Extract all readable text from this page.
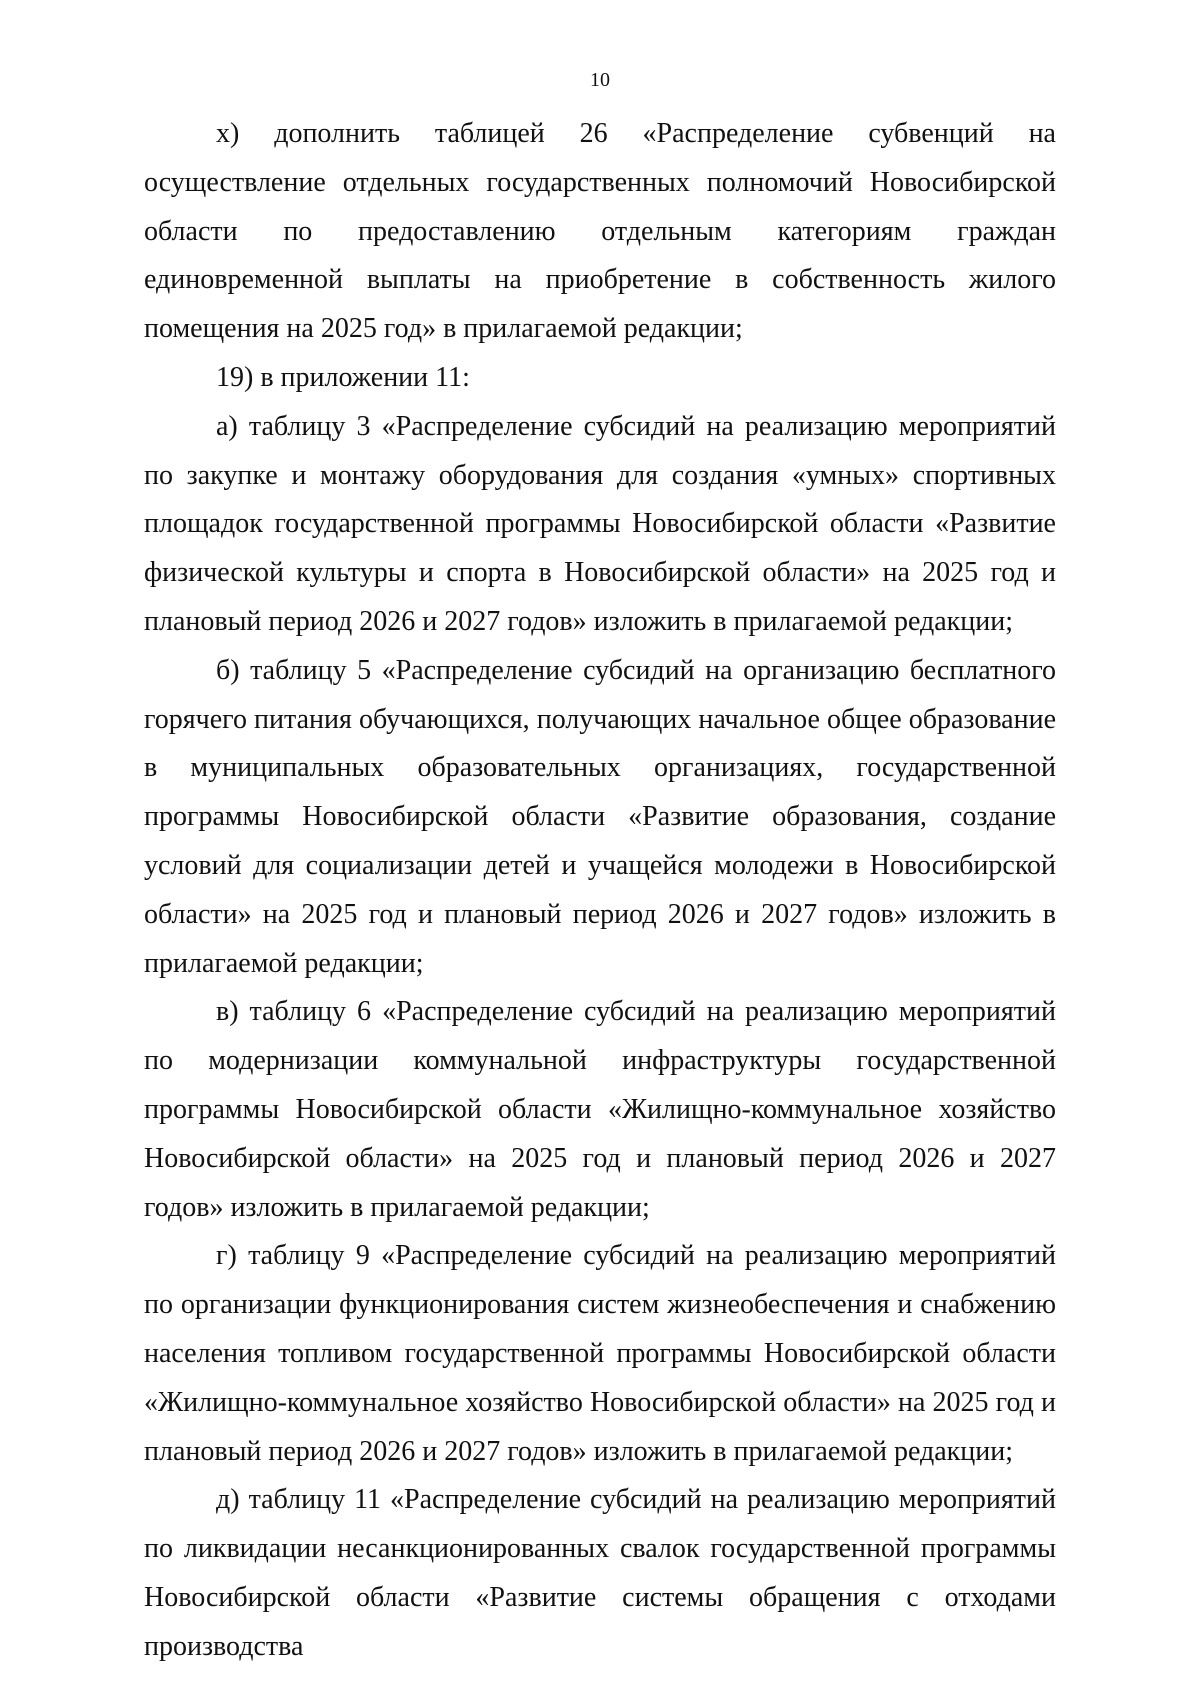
10

х) дополнить таблицей 26 «Распределение субвенций на осуществление отдельных государственных полномочий Новосибирской области по предоставлению отдельным категориям граждан единовременной выплаты на приобретение в собственность жилого помещения на 2025 год» в прилагаемой редакции;

19) в приложении 11:

а) таблицу 3 «Распределение субсидий на реализацию мероприятий по закупке и монтажу оборудования для создания «умных» спортивных площадок государственной программы Новосибирской области «Развитие физической культуры и спорта в Новосибирской области» на 2025 год и плановый период 2026 и 2027 годов» изложить в прилагаемой редакции;

б) таблицу 5 «Распределение субсидий на организацию бесплатного горячего питания обучающихся, получающих начальное общее образование в муниципальных образовательных организациях, государственной программы Новосибирской области «Развитие образования, создание условий для социализации детей и учащейся молодежи в Новосибирской области» на 2025 год и плановый период 2026 и 2027 годов» изложить в прилагаемой редакции;

в) таблицу 6 «Распределение субсидий на реализацию мероприятий по модернизации коммунальной инфраструктуры государственной программы Новосибирской области «Жилищно-коммунальное хозяйство Новосибирской области» на 2025 год и плановый период 2026 и 2027 годов» изложить в прилагаемой редакции;

г) таблицу 9 «Распределение субсидий на реализацию мероприятий по организации функционирования систем жизнеобеспечения и снабжению населения топливом государственной программы Новосибирской области «Жилищно-коммунальное хозяйство Новосибирской области» на 2025 год и плановый период 2026 и 2027 годов» изложить в прилагаемой редакции;

д) таблицу 11 «Распределение субсидий на реализацию мероприятий по ликвидации несанкционированных свалок государственной программы Новосибирской области «Развитие системы обращения с отходами производства
